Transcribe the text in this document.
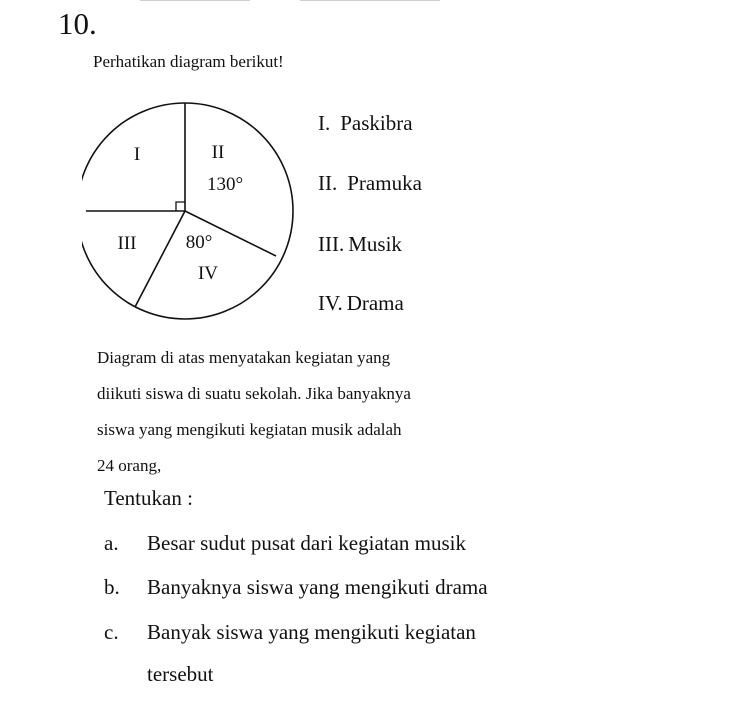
10.
Perhatikan diagram berikut!
I	II
130°
III	80°
IV
I. Paskibra
II. Pramuka
III. Musik
IV. Drama
Diagram di atas menyatakan kegiatan yang
diikuti siswa di suatu sekolah. Jika banyaknya
siswa yang mengikuti kegiatan musik adalah
24 orang,
Tentukan :
a. Besar sudut pusat dari kegiatan musik
b. Banyaknya siswa yang mengikuti drama
c. Banyak siswa yang mengikuti kegiatan
tersebut
